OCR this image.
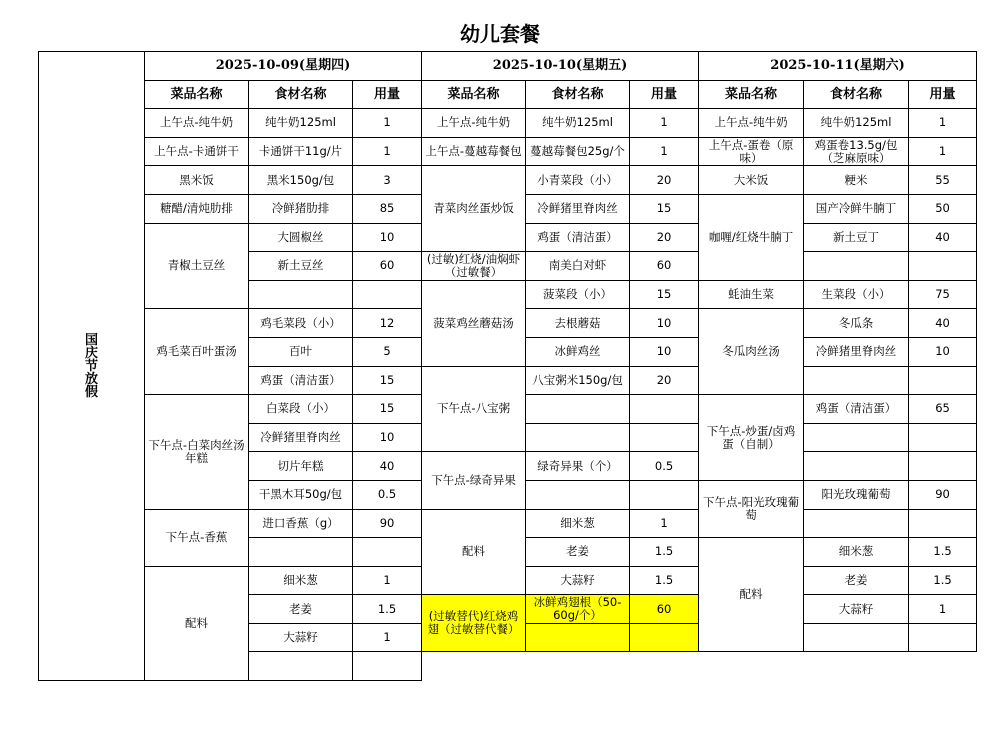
幼儿套餐
国
庆
节
放
假	2025-10-09(星期四)			2025-10-10(星期五)			2025-10-11(星期六)		
	菜品名称	食材名称	用量	菜品名称	食材名称	用量	菜品名称	食材名称	用量
	上午点-纯牛奶	纯牛奶125ml	1	上午点-纯牛奶	纯牛奶125ml	1	上午点-纯牛奶	纯牛奶125ml	1
	上午点-卡通饼干	卡通饼干11g/片	1	上午点-蔓越莓餐包	蔓越莓餐包25g/个	1	上午点-蛋卷（原味）	鸡蛋卷13.5g/包（芝麻原味）	1
	黑米饭	黑米150g/包	3	青菜肉丝蛋炒饭	小青菜段（小）	20	大米饭	粳米	55
	糖醋/清炖肋排	冷鲜猪肋排	85		冷鲜猪里脊肉丝	15	咖喱/红烧牛腩丁	国产冷鲜牛腩丁	50
	青椒土豆丝	大圆椒丝	10		鸡蛋（清洁蛋）	20		新土豆丁	40
		新土豆丝	60	(过敏)红烧/油焖虾（过敏餐）	南美白对虾	60			
				菠菜鸡丝蘑菇汤	菠菜段（小）	15	蚝油生菜	生菜段（小）	75
	鸡毛菜百叶蛋汤	鸡毛菜段（小）	12		去根蘑菇	10	冬瓜肉丝汤	冬瓜条	40
		百叶	5		冰鲜鸡丝	10		冷鲜猪里脊肉丝	10
		鸡蛋（清洁蛋）	15	下午点-八宝粥	八宝粥米150g/包	20			
	下午点-白菜肉丝汤年糕	白菜段（小）	15				下午点-炒蛋/卤鸡蛋（自制）	鸡蛋（清洁蛋）	65
		冷鲜猪里脊肉丝	10						
		切片年糕	40	下午点-绿奇异果	绿奇异果（个）	0.5			
		干黑木耳50g/包	0.5				下午点-阳光玫瑰葡萄	阳光玫瑰葡萄	90
	下午点-香蕉	进口香蕉（g）	90	配料	细米葱	1			
					老姜	1.5	配料	细米葱	1.5
	配料	细米葱	1		大蒜籽	1.5		老姜	1.5
		老姜	1.5	(过敏替代)红烧鸡翅（过敏替代餐）	冰鲜鸡翅根（50-60g/个）	60		大蒜籽	1
		大蒜籽	1						
